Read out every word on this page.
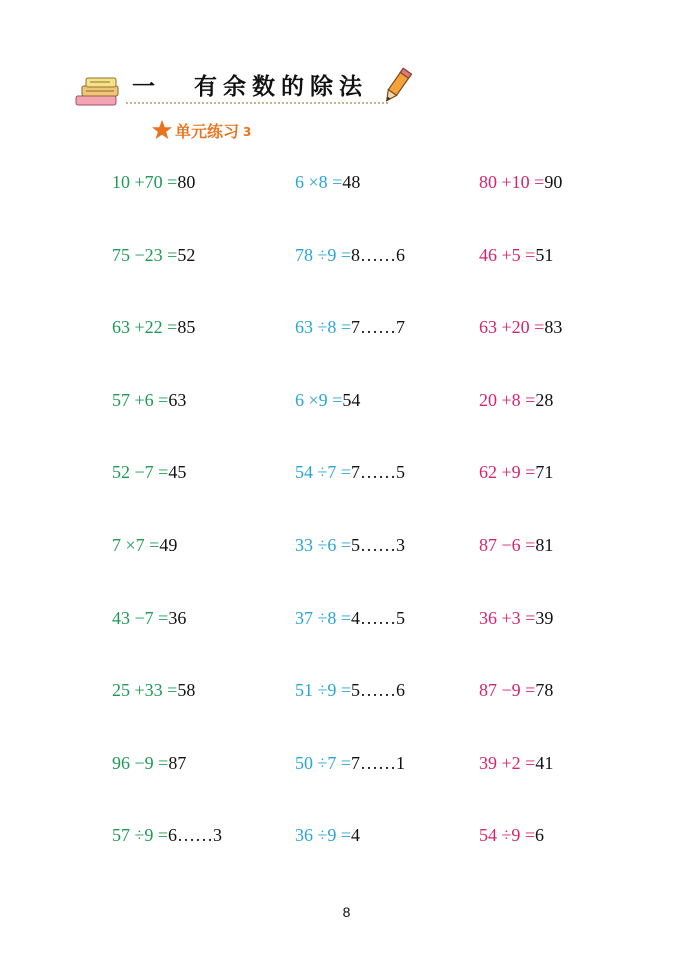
一 有余数的除法
单元练习 3
10 +70 =80
75 −23 =52
63 +22 =85
57 +6 =63
52 −7 =45
7 ×7 =49
43 −7 =36
25 +33 =58
96 −9 =87
57 ÷9 =6……3
6 ×8 =48
78 ÷9 =8……6
63 ÷8 =7……7
6 ×9 =54
54 ÷7 =7……5
33 ÷6 =5……3
37 ÷8 =4……5
51 ÷9 =5……6
50 ÷7 =7……1
36 ÷9 =4
80 +10 =90
46 +5 =51
63 +20 =83
20 +8 =28
62 +9 =71
87 −6 =81
36 +3 =39
87 −9 =78
39 +2 =41
54 ÷9 =6
8
